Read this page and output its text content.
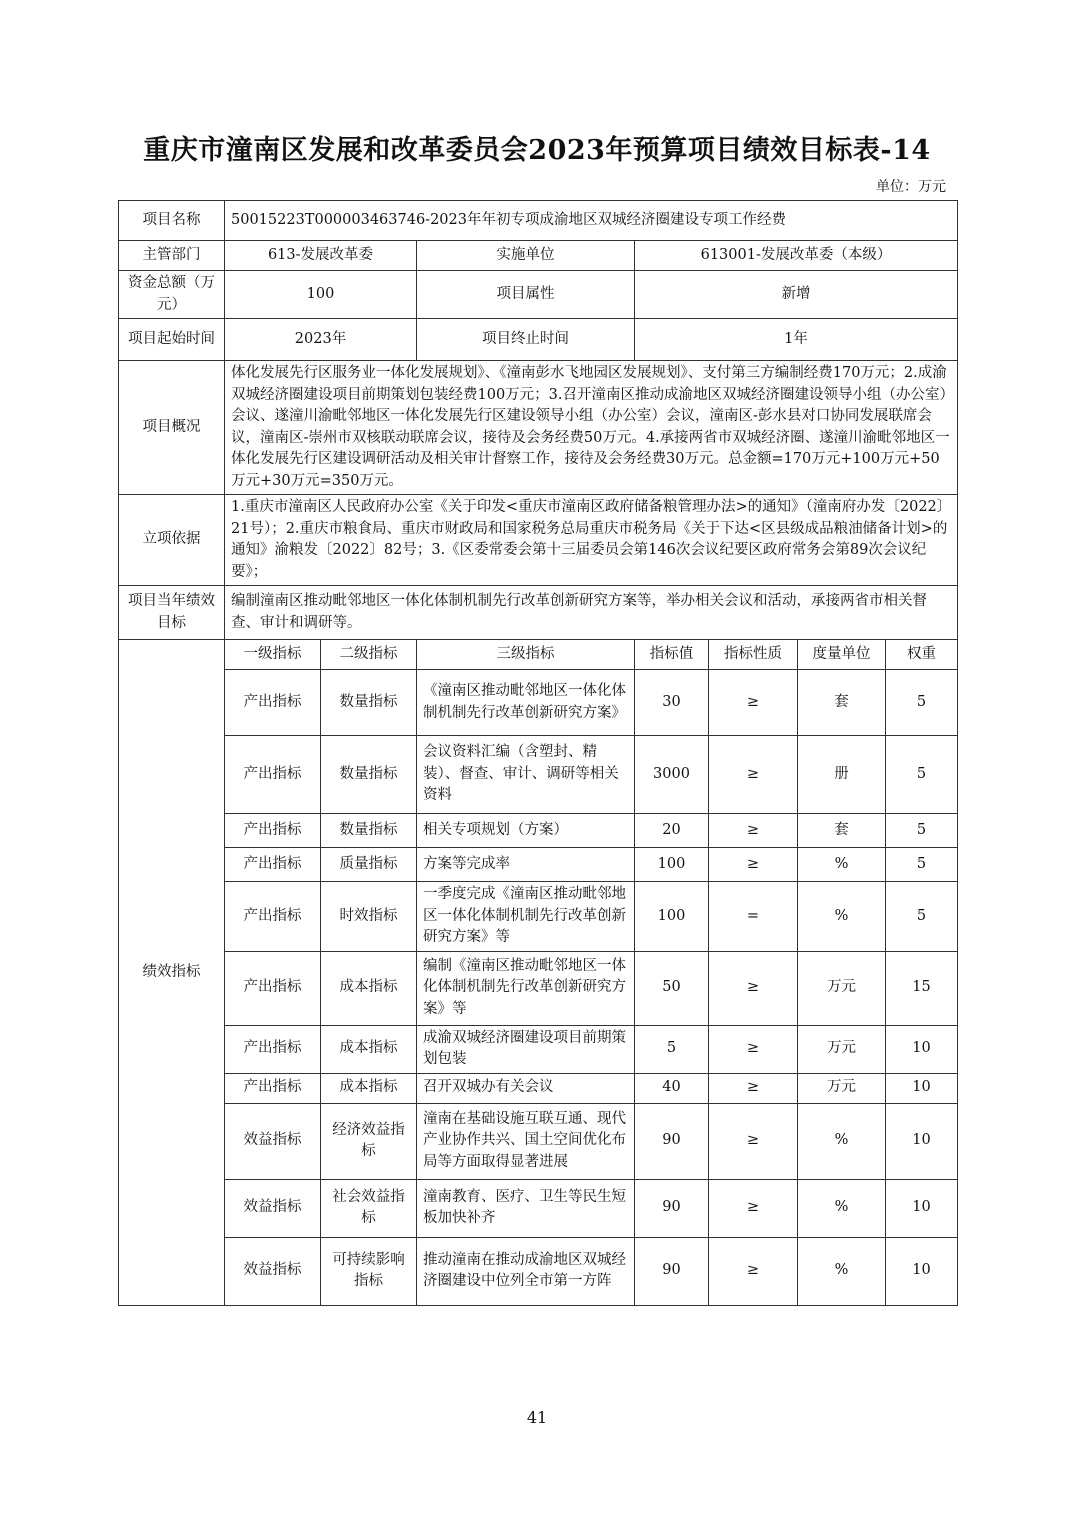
重庆市潼南区发展和改革委员会2023年预算项目绩效目标表-14
单位：万元
项目名称	50015223T000003463746-2023年年初专项成渝地区双城经济圈建设专项工作经费						
主管部门	613-发展改革委		实施单位	613001-发展改革委（本级）			
资金总额（万元）	100		项目属性	新增			
项目起始时间	2023年		项目终止时间	1年			
项目概况	体化发展先行区服务业一体化发展规划》、《潼南彭水飞地园区发展规划》、支付第三方编制经费170万元；2.成渝双城经济圈建设项目前期策划包装经费100万元；3.召开潼南区推动成渝地区双城经济圈建设领导小组（办公室）会议、遂潼川渝毗邻地区一体化发展先行区建设领导小组（办公室）会议，潼南区-彭水县对口协同发展联席会议，潼南区-崇州市双核联动联席会议，接待及会务经费50万元。4.承接两省市双城经济圈、遂潼川渝毗邻地区一体化发展先行区建设调研活动及相关审计督察工作，接待及会务经费30万元。总金额=170万元+100万元+50万元+30万元=350万元。						
立项依据	1.重庆市潼南区人民政府办公室《关于印发<重庆市潼南区政府储备粮管理办法>的通知》（潼南府办发〔2022〕21号）；2.重庆市粮食局、重庆市财政局和国家税务总局重庆市税务局《关于下达<区县级成品粮油储备计划>的通知》渝粮发〔2022〕82号；3.《区委常委会第十三届委员会第146次会议纪要区政府常务会第89次会议纪要》；						
项目当年绩效目标	编制潼南区推动毗邻地区一体化体制机制先行改革创新研究方案等，举办相关会议和活动，承接两省市相关督查、审计和调研等。						
绩效指标	一级指标	二级指标	三级指标	指标值	指标性质	度量单位	权重
	产出指标	数量指标	《潼南区推动毗邻地区一体化体制机制先行改革创新研究方案》	30	≥	套	5
	产出指标	数量指标	会议资料汇编（含塑封、精装）、督查、审计、调研等相关资料	3000	≥	册	5
	产出指标	数量指标	相关专项规划（方案）	20	≥	套	5
	产出指标	质量指标	方案等完成率	100	≥	%	5
	产出指标	时效指标	一季度完成《潼南区推动毗邻地区一体化体制机制先行改革创新研究方案》等	100	=	%	5
	产出指标	成本指标	编制《潼南区推动毗邻地区一体化体制机制先行改革创新研究方案》等	50	≥	万元	15
	产出指标	成本指标	成渝双城经济圈建设项目前期策划包装	5	≥	万元	10
	产出指标	成本指标	召开双城办有关会议	40	≥	万元	10
	效益指标	经济效益指标	潼南在基础设施互联互通、现代产业协作共兴、国土空间优化布局等方面取得显著进展	90	≥	%	10
	效益指标	社会效益指标	潼南教育、医疗、卫生等民生短板加快补齐	90	≥	%	10
	效益指标	可持续影响指标	推动潼南在推动成渝地区双城经济圈建设中位列全市第一方阵	90	≥	%	10
41
